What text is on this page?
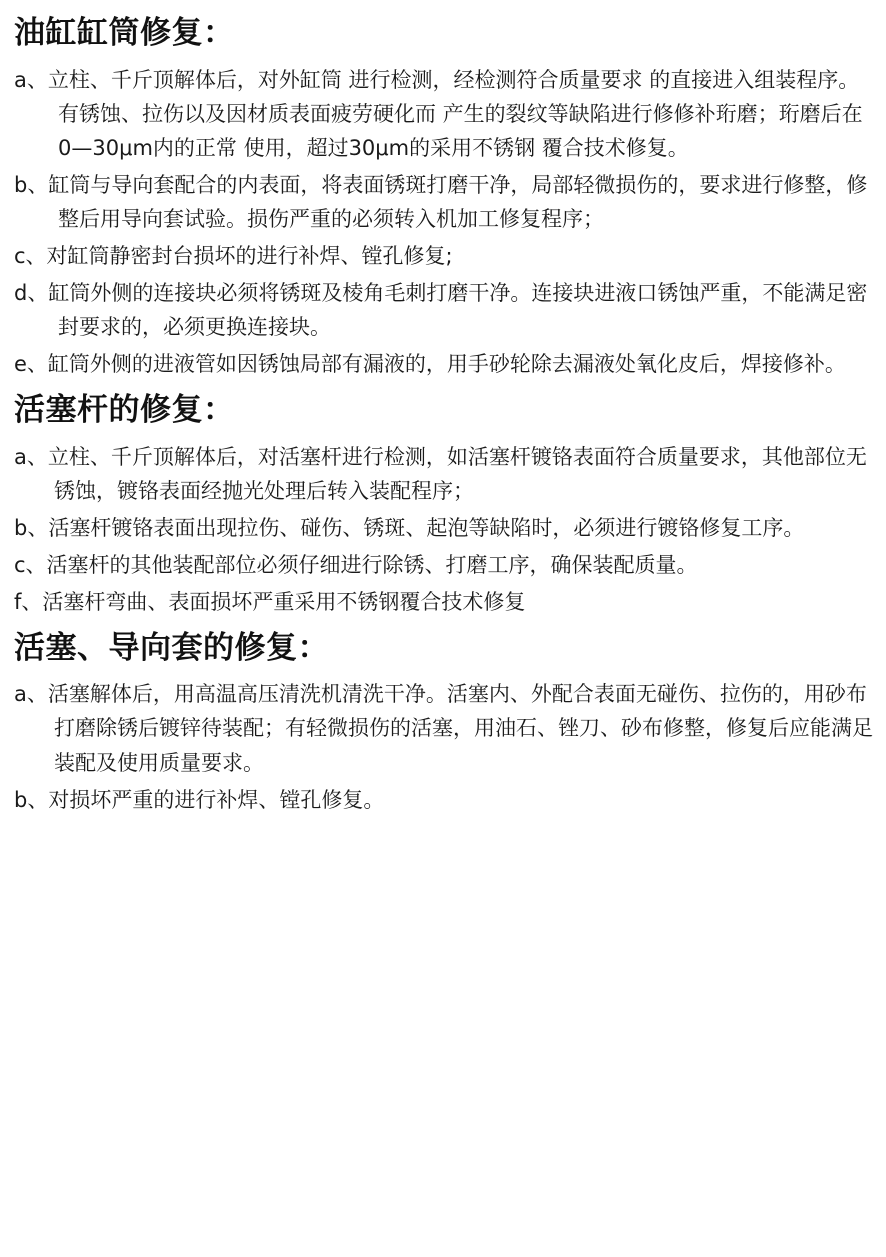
油缸缸筒修复：

a、立柱、千斤顶解体后，对外缸筒 进行检测，经检测符合质量要求 的直接进入组装程序。有锈蚀、拉伤以及因材质表面疲劳硬化而 产生的裂纹等缺陷进行修修补珩磨；珩磨后在0—30μm内的正常 使用，超过30μm的采用不锈钢 覆合技术修复。

b、缸筒与导向套配合的内表面，将表面锈斑打磨干净，局部轻微损伤的，要求进行修整，修整后用导向套试验。损伤严重的必须转入机加工修复程序；

c、对缸筒静密封台损坏的进行补焊、镗孔修复;

d、缸筒外侧的连接块必须将锈斑及棱角毛刺打磨干净。连接块进液口锈蚀严重，不能满足密封要求的，必须更换连接块。

e、缸筒外侧的进液管如因锈蚀局部有漏液的，用手砂轮除去漏液处氧化皮后，焊接修补。

活塞杆的修复：

a、立柱、千斤顶解体后，对活塞杆进行检测，如活塞杆镀铬表面符合质量要求，其他部位无锈蚀，镀铬表面经抛光处理后转入装配程序；

b、活塞杆镀铬表面出现拉伤、碰伤、锈斑、起泡等缺陷时，必须进行镀铬修复工序。

c、活塞杆的其他装配部位必须仔细进行除锈、打磨工序，确保装配质量。

f、活塞杆弯曲、表面损坏严重采用不锈钢覆合技术修复

活塞、导向套的修复：

a、活塞解体后，用高温高压清洗机清洗干净。活塞内、外配合表面无碰伤、拉伤的，用砂布打磨除锈后镀锌待装配；有轻微损伤的活塞，用油石、锉刀、砂布修整，修复后应能满足装配及使用质量要求。

b、对损坏严重的进行补焊、镗孔修复。
